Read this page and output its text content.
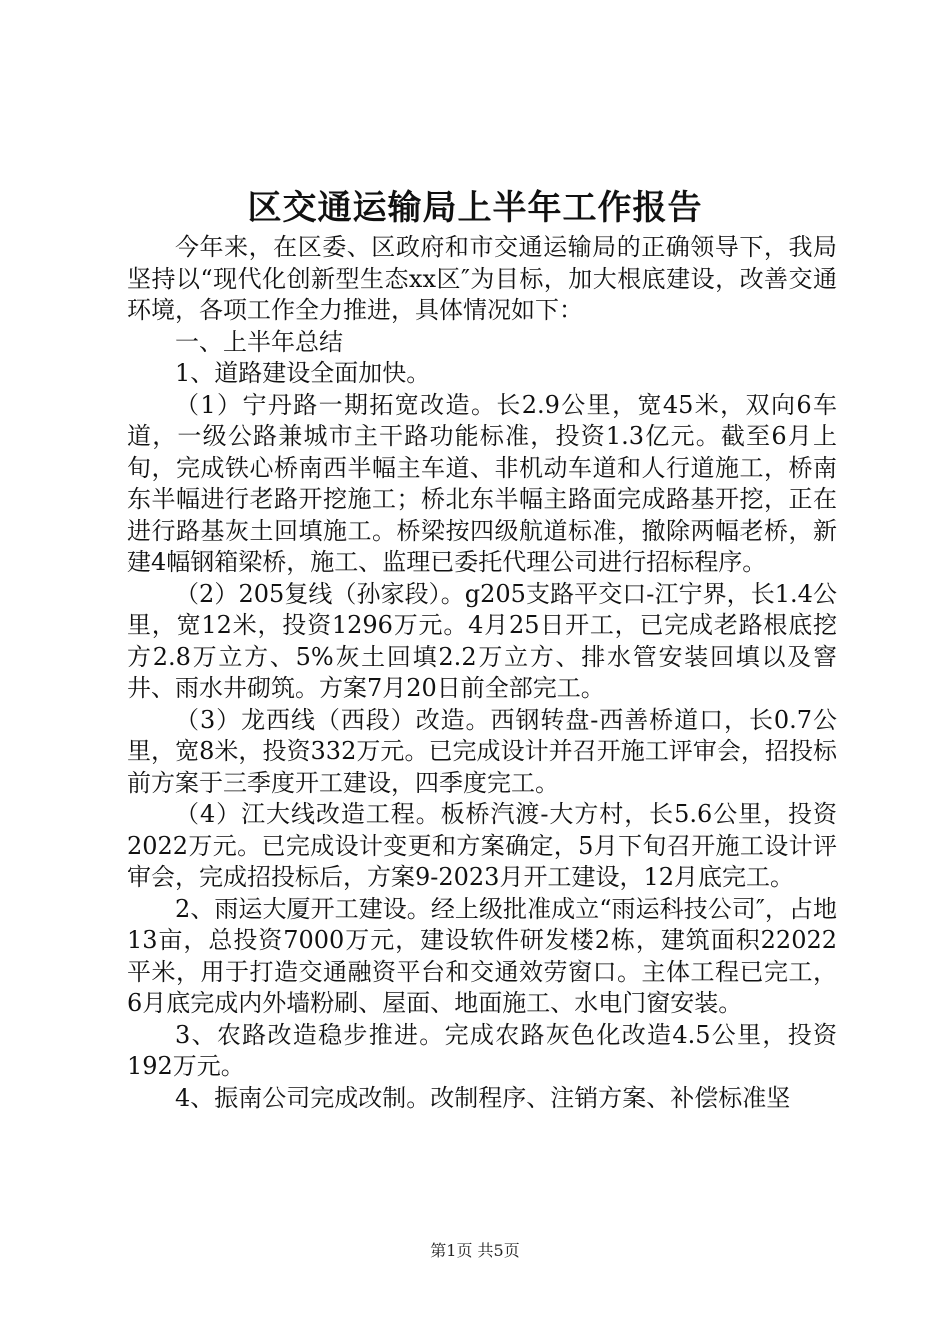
区交通运输局上半年工作报告

今年来，在区委、区政府和市交通运输局的正确领导下，我局坚持以“现代化创新型生态xx区″为目标，加大根底建设，改善交通环境，各项工作全力推进，具体情况如下：

一、上半年总结

1、道路建设全面加快。

（1）宁丹路一期拓宽改造。长2.9公里，宽45米，双向6车道，一级公路兼城市主干路功能标准，投资1.3亿元。截至6月上旬，完成铁心桥南西半幅主车道、非机动车道和人行道施工，桥南东半幅进行老路开挖施工；桥北东半幅主路面完成路基开挖，正在进行路基灰土回填施工。桥梁按四级航道标准，撤除两幅老桥，新建4幅钢箱梁桥，施工、监理已委托代理公司进行招标程序。

（2）205复线（孙家段）。g205支路平交口-江宁界，长1.4公里，宽12米，投资1296万元。4月25日开工，已完成老路根底挖方2.8万立方、5%灰土回填2.2万立方、排水管安装回填以及窨井、雨水井砌筑。方案7月20日前全部完工。

（3）龙西线（西段）改造。西钢转盘-西善桥道口，长0.7公里，宽8米，投资332万元。已完成设计并召开施工评审会，招投标前方案于三季度开工建设，四季度完工。

（4）江大线改造工程。板桥汽渡-大方村，长5.6公里，投资2022万元。已完成设计变更和方案确定，5月下旬召开施工设计评审会，完成招投标后，方案9-2023月开工建设，12月底完工。

2、雨运大厦开工建设。经上级批准成立“雨运科技公司″，占地13亩，总投资7000万元，建设软件研发楼2栋，建筑面积22022平米，用于打造交通融资平台和交通效劳窗口。主体工程已完工，6月底完成内外墙粉刷、屋面、地面施工、水电门窗安装。

3、农路改造稳步推进。完成农路灰色化改造4.5公里，投资192万元。

4、振南公司完成改制。改制程序、注销方案、补偿标准坚

第1页 共5页
